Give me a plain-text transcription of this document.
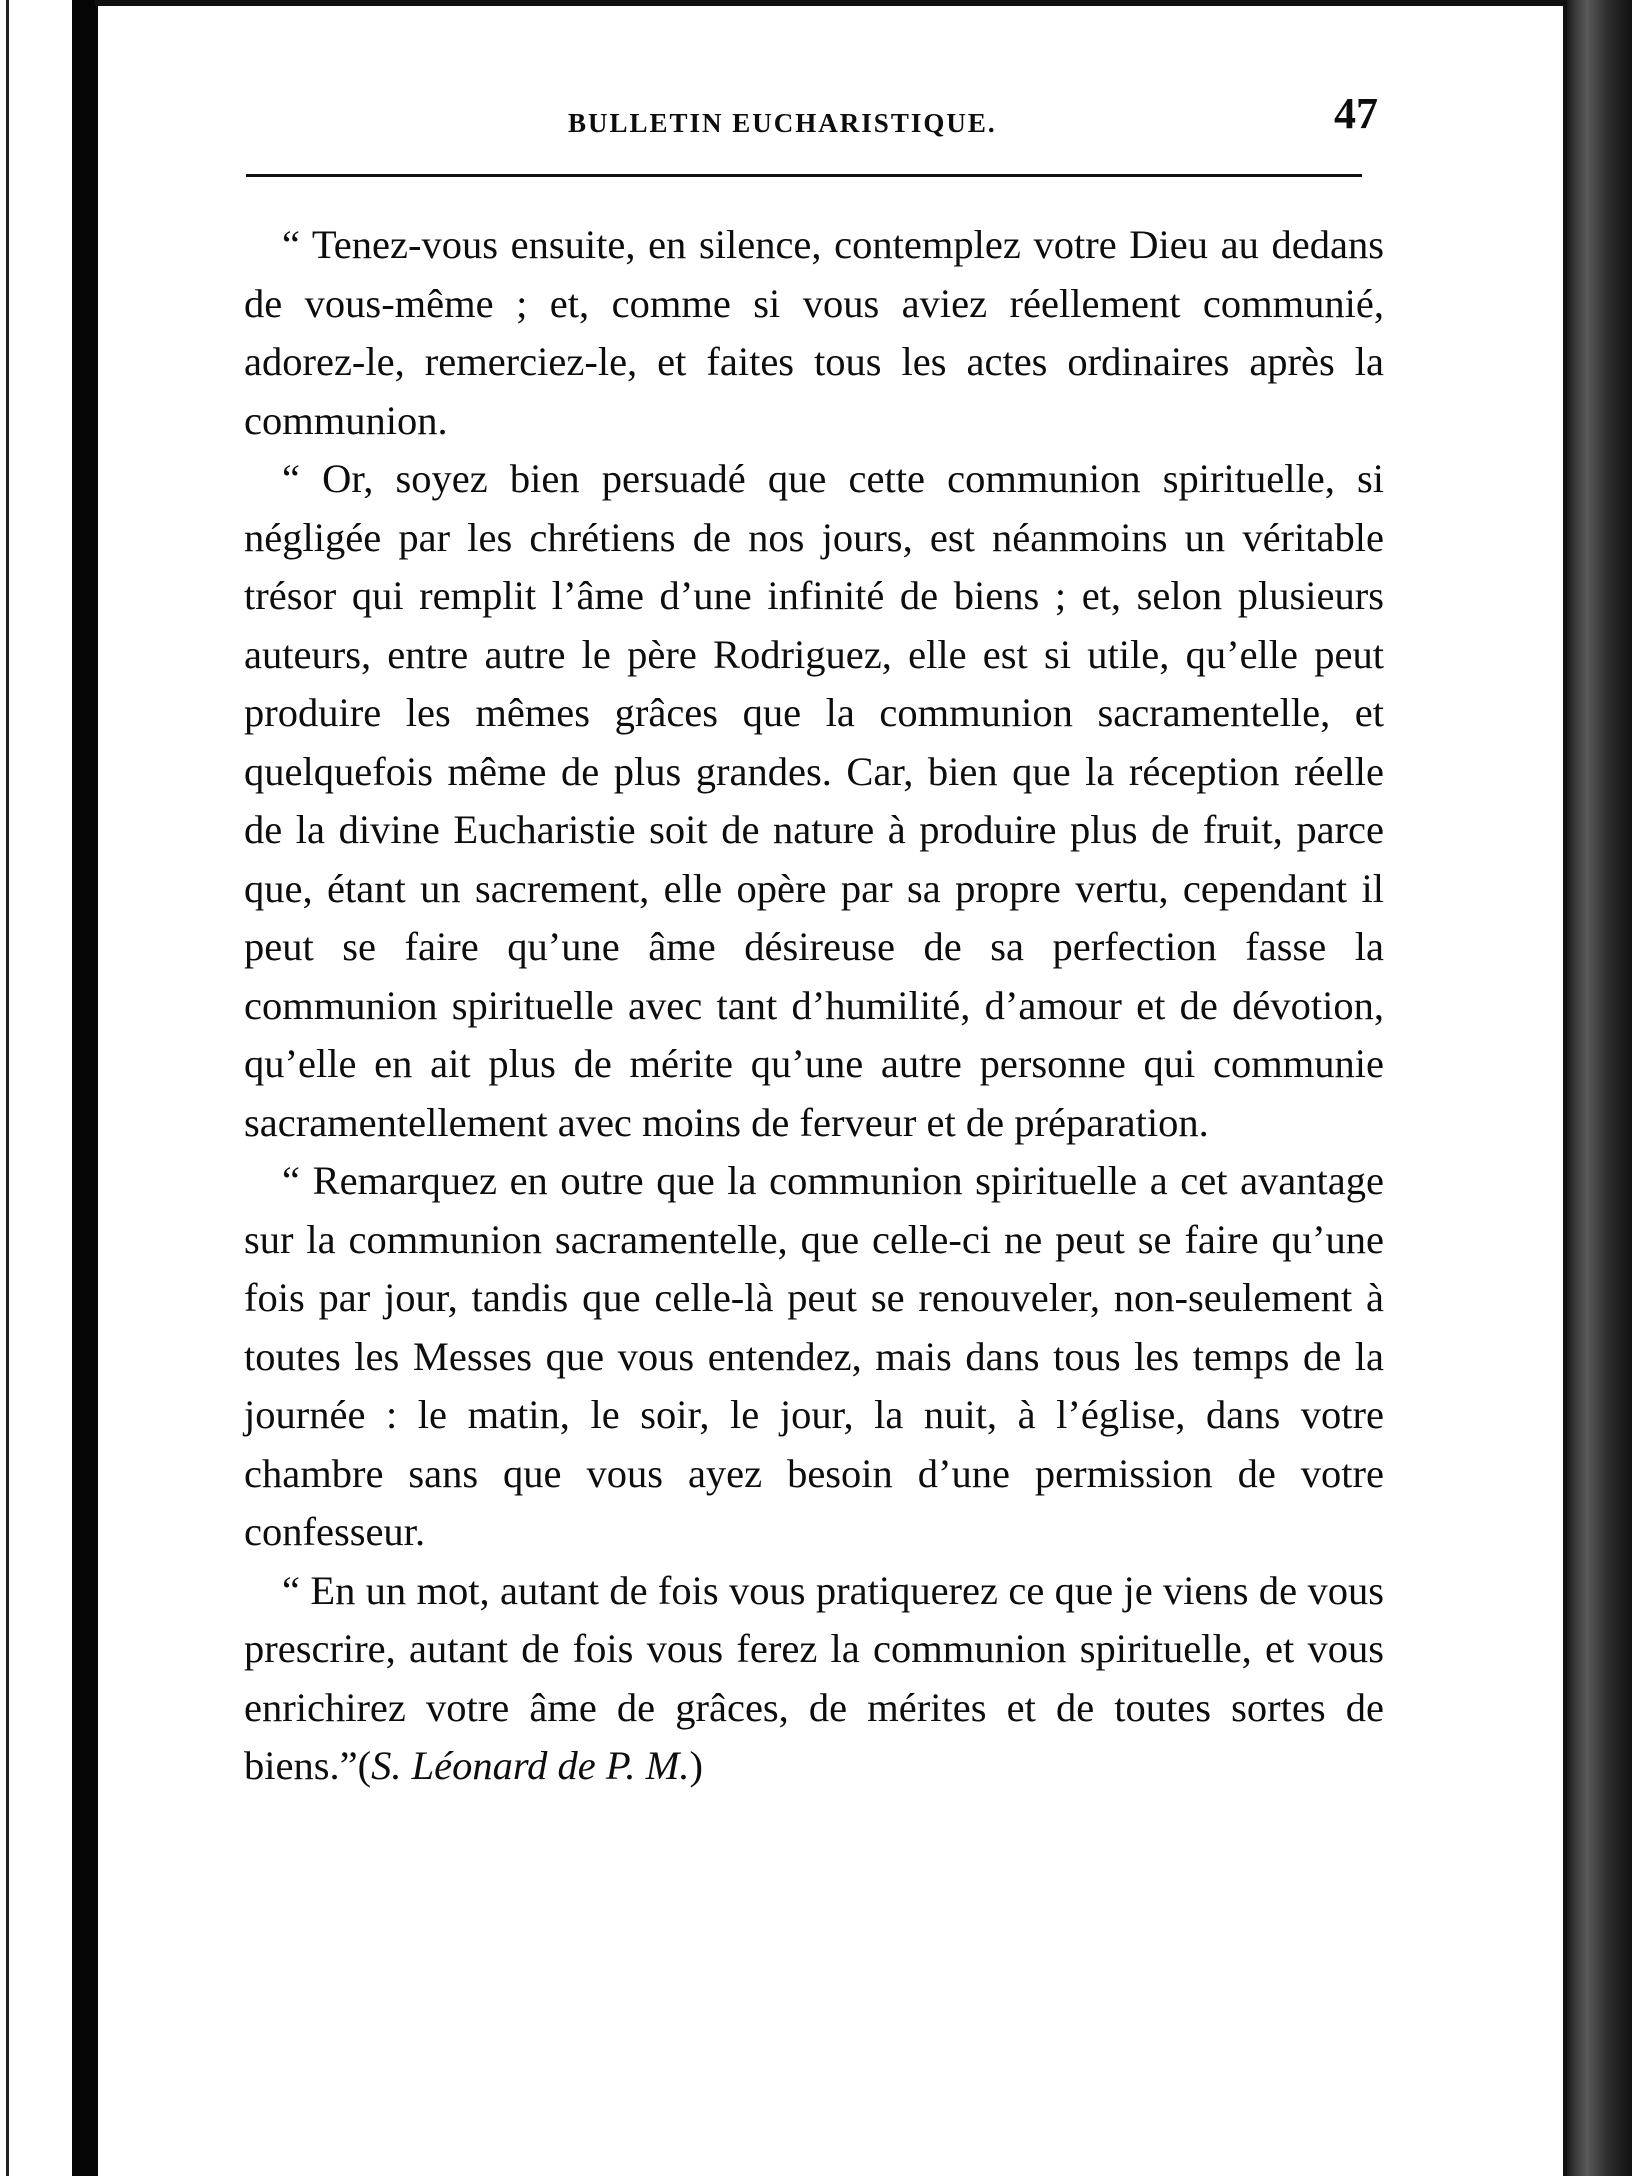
BULLETIN EUCHARISTIQUE.	47

“ Tenez-vous ensuite, en silence, contemplez votre Dieu au dedans de vous-même ; et, comme si vous aviez réellement communié, adorez-le, remerciez-le, et faites tous les actes ordinaires après la communion.

“ Or, soyez bien persuadé que cette communion spirituelle, si négligée par les chrétiens de nos jours, est néanmoins un véritable trésor qui remplit l’âme d’une infinité de biens ; et, selon plusieurs auteurs, entre autre le père Rodriguez, elle est si utile, qu’elle peut produire les mêmes grâces que la communion sacramentelle, et quelquefois même de plus grandes. Car, bien que la réception réelle de la divine Eucharistie soit de nature à produire plus de fruit, parce que, étant un sacrement, elle opère par sa propre vertu, cependant il peut se faire qu’une âme désireuse de sa perfection fasse la communion spirituelle avec tant d’humilité, d’amour et de dévotion, qu’elle en ait plus de mérite qu’une autre personne qui communie sacramentellement avec moins de ferveur et de préparation.

“ Remarquez en outre que la communion spirituelle a cet avantage sur la communion sacramentelle, que celle-ci ne peut se faire qu’une fois par jour, tandis que celle-là peut se renouveler, non-seulement à toutes les Messes que vous entendez, mais dans tous les temps de la journée : le matin, le soir, le jour, la nuit, à l’église, dans votre chambre sans que vous ayez besoin d’une permission de votre confesseur.

“ En un mot, autant de fois vous pratiquerez ce que je viens de vous prescrire, autant de fois vous ferez la communion spirituelle, et vous enrichirez votre âme de grâces, de mérites et de toutes sortes de biens.”(S. Léonard de P. M.)
